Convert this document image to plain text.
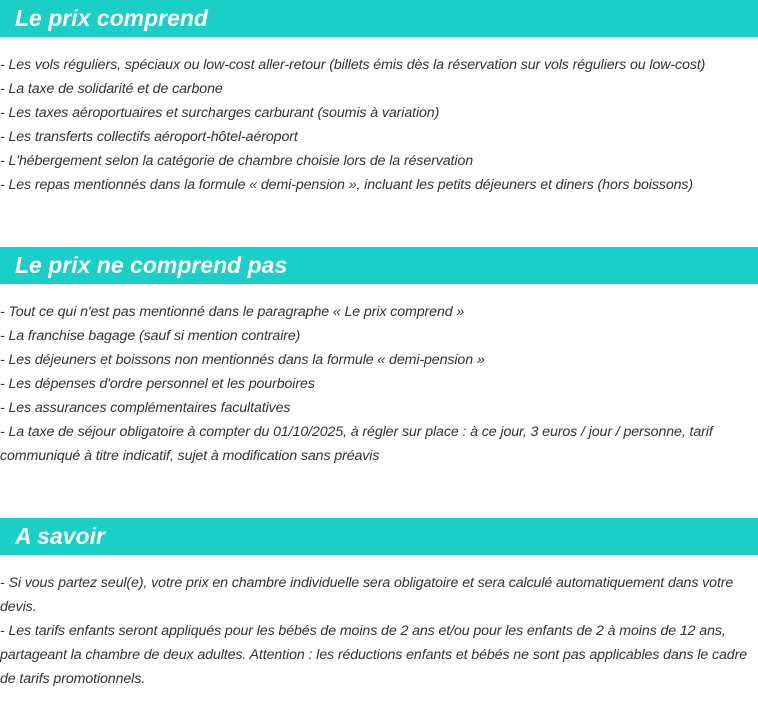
Le prix comprend
- Les vols réguliers, spéciaux ou low-cost aller-retour (billets émis dès la réservation sur vols réguliers ou low-cost)
- La taxe de solidarité et de carbone
- Les taxes aéroportuaires et surcharges carburant (soumis à variation)
- Les transferts collectifs aéroport-hôtel-aéroport
- L'hébergement selon la catégorie de chambre choisie lors de la réservation
- Les repas mentionnés dans la formule « demi-pension », incluant les petits déjeuners et diners (hors boissons)
Le prix ne comprend pas
- Tout ce qui n'est pas mentionné dans le paragraphe « Le prix comprend »
- La franchise bagage (sauf si mention contraire)
- Les déjeuners et boissons non mentionnés dans la formule « demi-pension »
- Les dépenses d'ordre personnel et les pourboires
- Les assurances complémentaires facultatives
- La taxe de séjour obligatoire à compter du 01/10/2025, à régler sur place : à ce jour, 3 euros / jour / personne, tarif communiqué à titre indicatif, sujet à modification sans préavis
A savoir
- Si vous partez seul(e), votre prix en chambre individuelle sera obligatoire et sera calculé automatiquement dans votre devis.
- Les tarifs enfants seront appliqués pour les bébés de moins de 2 ans et/ou pour les enfants de 2 à moins de 12 ans, partageant la chambre de deux adultes. Attention : les réductions enfants et bébés ne sont pas applicables dans le cadre de tarifs promotionnels.
